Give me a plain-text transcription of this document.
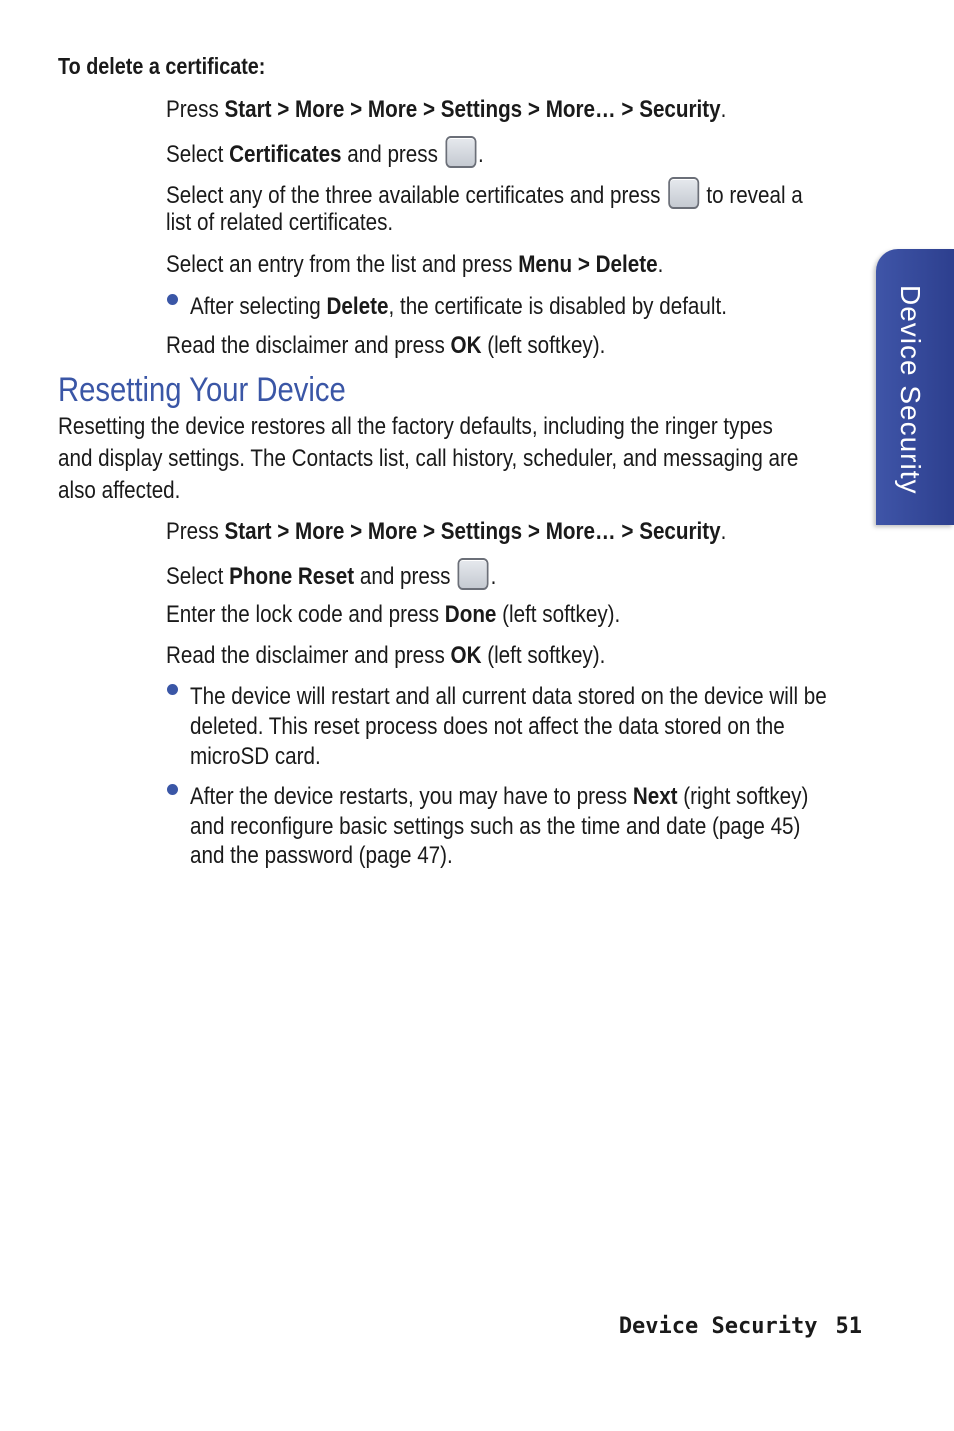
To delete a certificate:
Press Start > More > More > Settings > More… > Security.
Select Certificates and press .
Select any of the three available certificates and press  to reveal a
list of related certificates.
Select an entry from the list and press Menu > Delete.
After selecting Delete, the certificate is disabled by default.
Read the disclaimer and press OK (left softkey).
Resetting Your Device
Resetting the device restores all the factory defaults, including the ringer types
and display settings. The Contacts list, call history, scheduler, and messaging are
also affected.
Press Start > More > More > Settings > More… > Security.
Select Phone Reset and press .
Enter the lock code and press Done (left softkey).
Read the disclaimer and press OK (left softkey).
The device will restart and all current data stored on the device will be
deleted. This reset process does not affect the data stored on the
microSD card.
After the device restarts, you may have to press Next (right softkey)
and reconfigure basic settings such as the time and date (page 45)
and the password (page 47).
Device Security
Device Security 51
